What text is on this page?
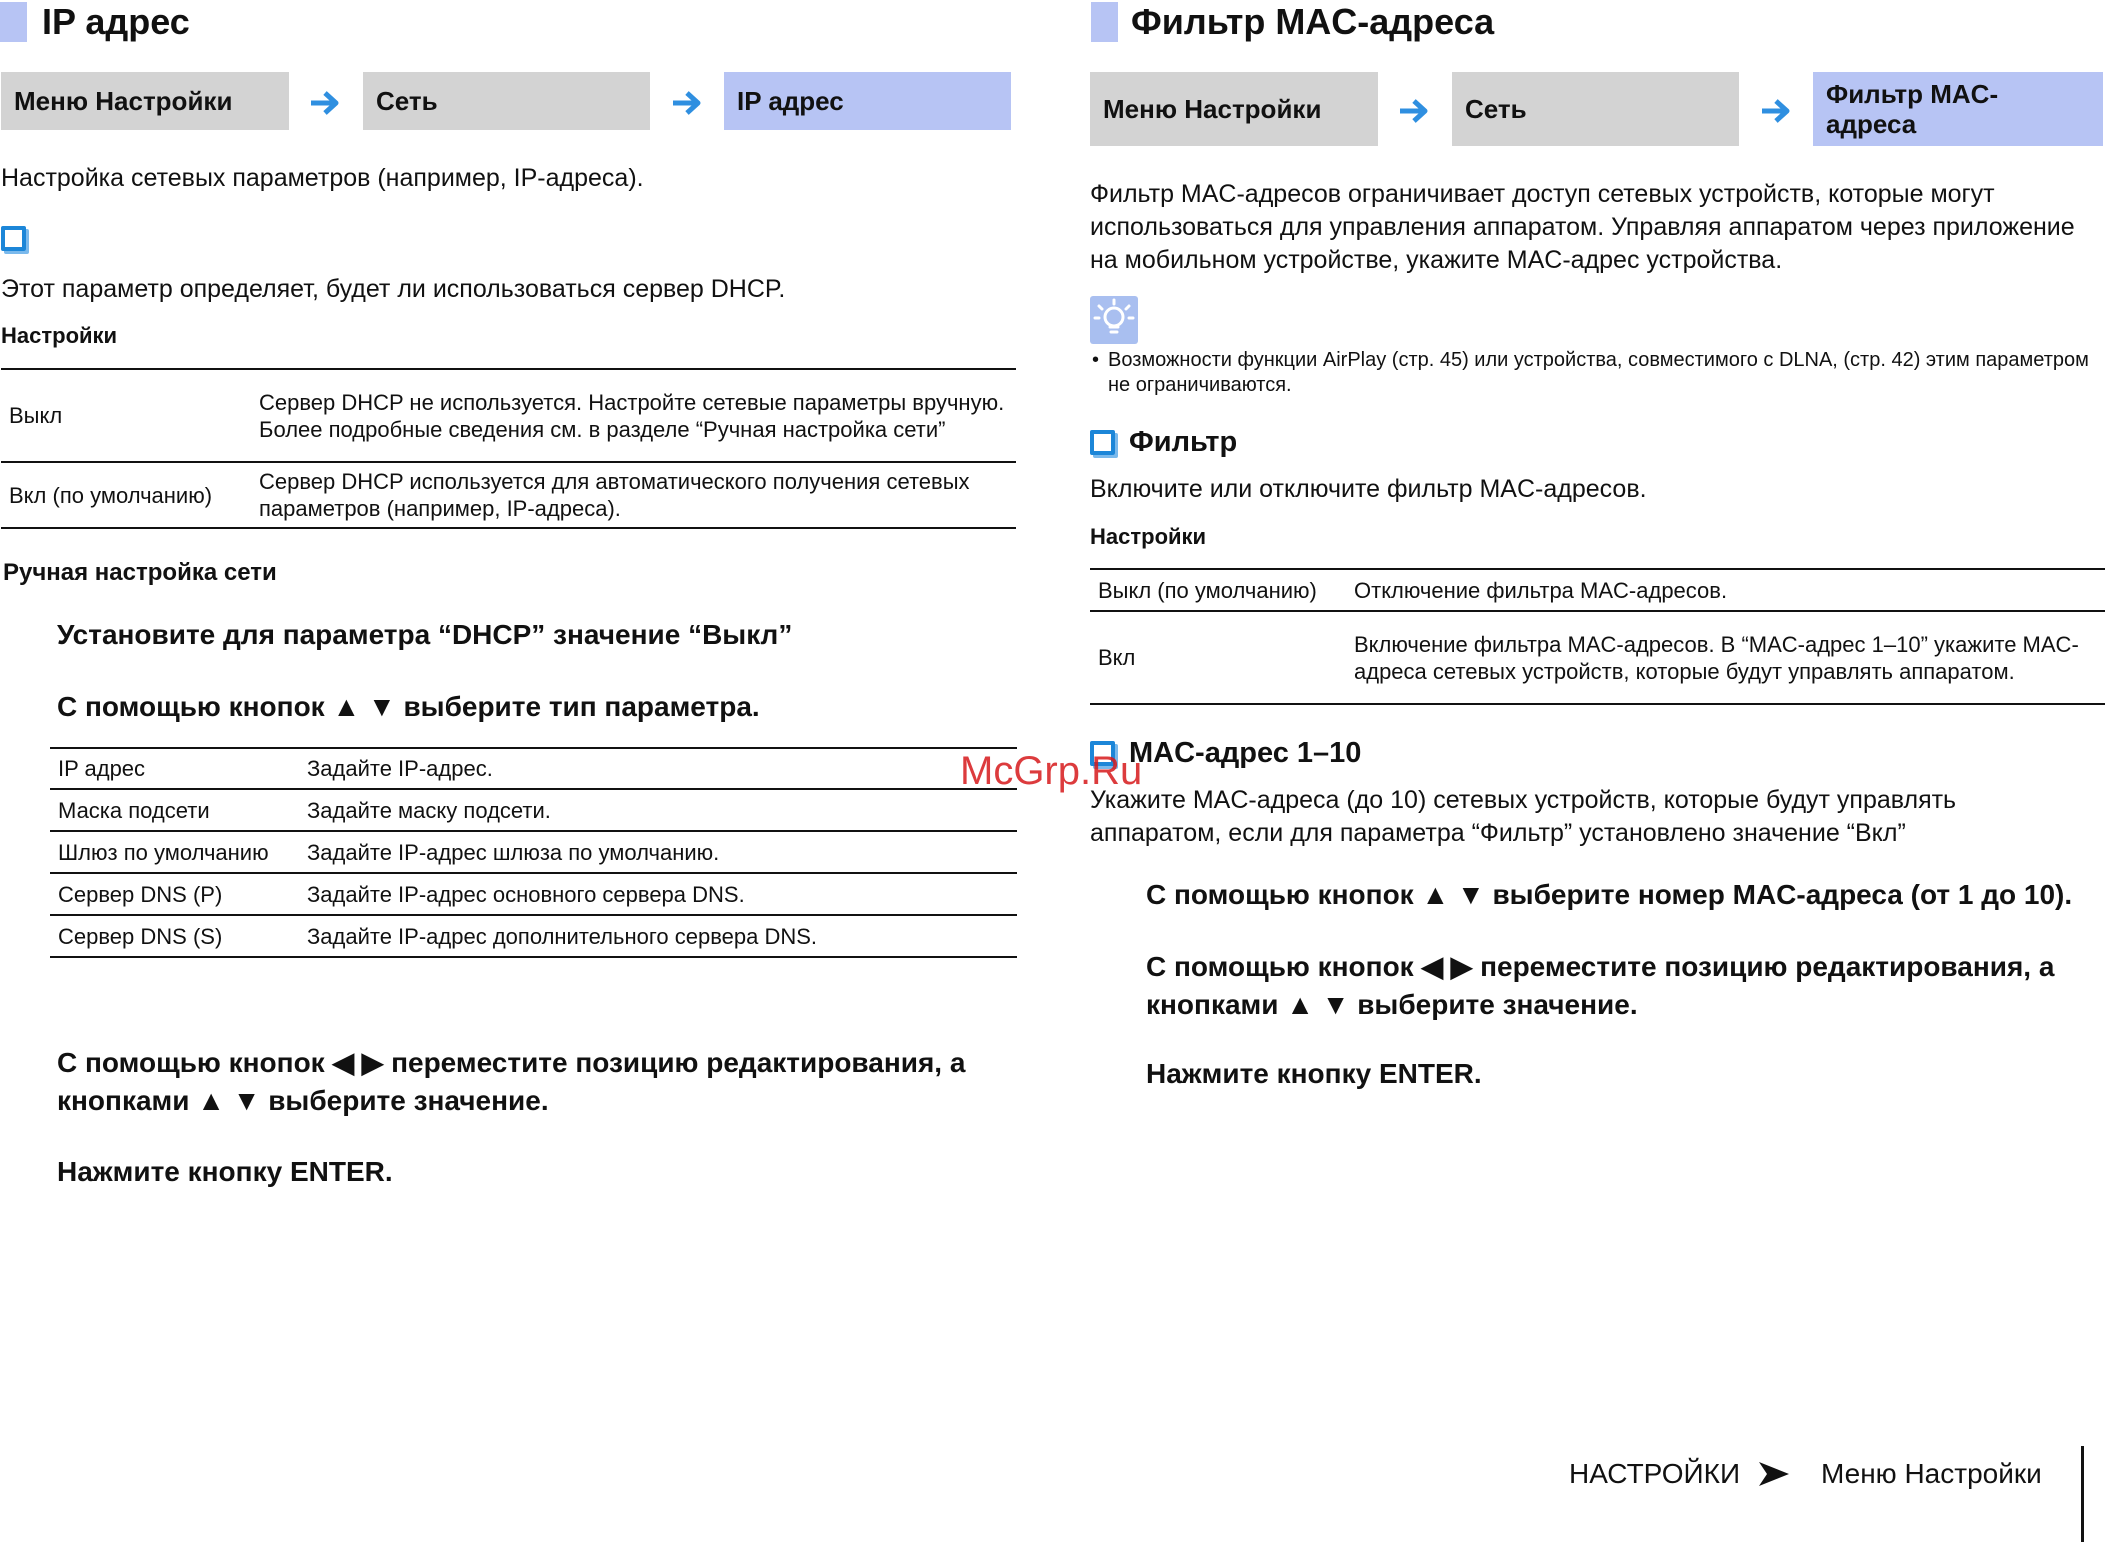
IP адрес
Меню Настройки	Сеть	IP адрес
Настройка сетевых параметров (например, IP-адреса).
Этот параметр определяет, будет ли использоваться сервер DHCP.
Настройки
Выкл	Сервер DHCP не используется. Настройте сетевые параметры вручную. Более подробные сведения см. в разделе “Ручная настройка сети”
Вкл (по умолчанию)	Сервер DHCP используется для автоматического получения сетевых параметров (например, IP-адреса).
Ручная настройка сети
Установите для параметра “DHCP” значение “Выкл”
С помощью кнопок ▲ ▼ выберите тип параметра.
IP адрес	Задайте IP-адрес.
Маска подсети	Задайте маску подсети.
Шлюз по умолчанию	Задайте IP-адрес шлюза по умолчанию.
Сервер DNS (P)	Задайте IP-адрес основного сервера DNS.
Сервер DNS (S)	Задайте IP-адрес дополнительного сервера DNS.
С помощью кнопок ◀ ▶ переместите позицию редактирования, а кнопками ▲ ▼ выберите значение.
Нажмите кнопку ENTER.
Фильтр MAC-адреса
Меню Настройки	Сеть	Фильтр MAC-адреса
Фильтр MAC-адресов ограничивает доступ сетевых устройств, которые могут использоваться для управления аппаратом. Управляя аппаратом через приложение на мобильном устройстве, укажите MAC-адрес устройства.
• Возможности функции AirPlay (стр. 45) или устройства, совместимого с DLNA, (стр. 42) этим параметром не ограничиваются.
Фильтр
Включите или отключите фильтр MAC-адресов.
Настройки
Выкл (по умолчанию)	Отключение фильтра MAC-адресов.
Вкл	Включение фильтра MAC-адресов. В “MAC-адрес 1–10” укажите MAC-адреса сетевых устройств, которые будут управлять аппаратом.
MAC-адрес 1–10
Укажите MAC-адреса (до 10) сетевых устройств, которые будут управлять аппаратом, если для параметра “Фильтр” установлено значение “Вкл”
С помощью кнопок ▲ ▼ выберите номер MAC-адреса (от 1 до 10).
С помощью кнопок ◀ ▶ переместите позицию редактирования, а кнопками ▲ ▼ выберите значение.
Нажмите кнопку ENTER.
McGrp.Ru
НАСТРОЙКИ	Меню Настройки
